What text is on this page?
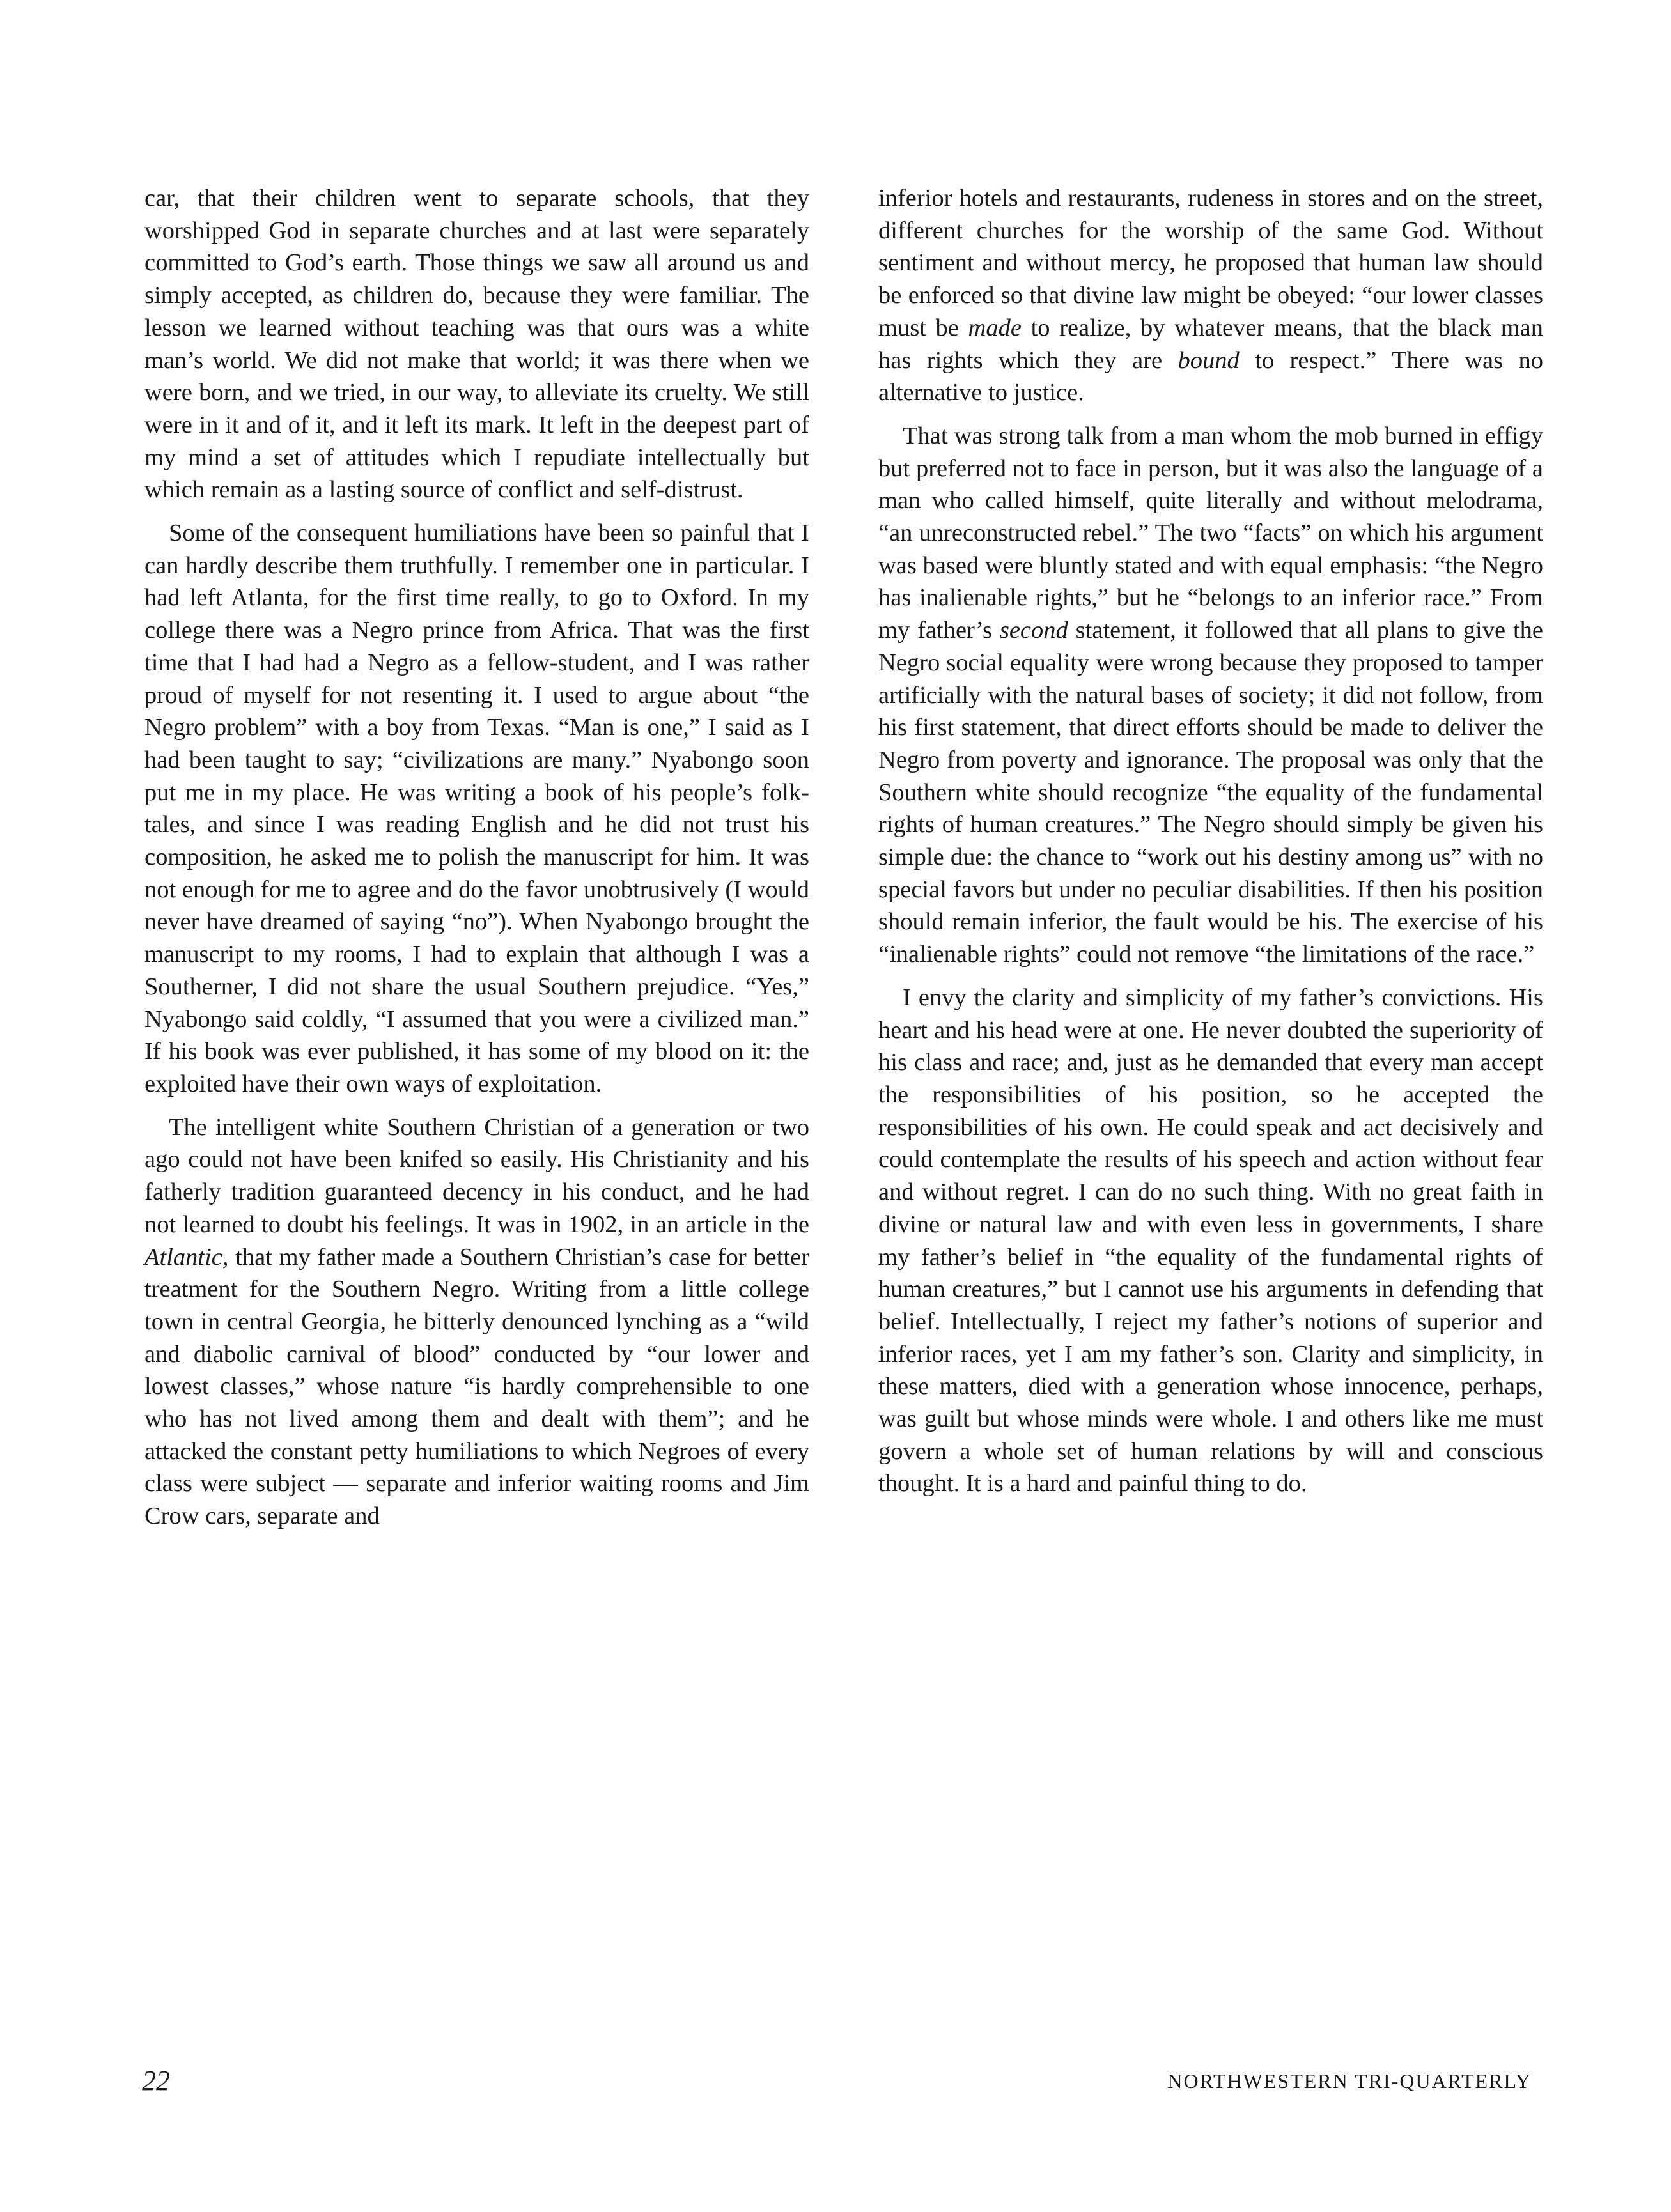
car, that their children went to separate schools, that they worshipped God in separate churches and at last were separately committed to God’s earth. Those things we saw all around us and simply accepted, as children do, because they were familiar. The lesson we learned without teaching was that ours was a white man’s world. We did not make that world; it was there when we were born, and we tried, in our way, to alleviate its cruelty. We still were in it and of it, and it left its mark. It left in the deepest part of my mind a set of attitudes which I repudiate intellectually but which remain as a lasting source of conflict and self-distrust.

Some of the consequent humiliations have been so painful that I can hardly describe them truthfully. I remember one in particular. I had left Atlanta, for the first time really, to go to Oxford. In my college there was a Negro prince from Africa. That was the first time that I had had a Negro as a fellow-student, and I was rather proud of myself for not resenting it. I used to argue about “the Negro problem” with a boy from Texas. “Man is one,” I said as I had been taught to say; “civilizations are many.” Nyabongo soon put me in my place. He was writing a book of his people’s folk-tales, and since I was reading English and he did not trust his composition, he asked me to polish the manuscript for him. It was not enough for me to agree and do the favor unobtrusively (I would never have dreamed of saying “no”). When Nyabongo brought the manuscript to my rooms, I had to explain that although I was a Southerner, I did not share the usual Southern prejudice. “Yes,” Nyabongo said coldly, “I assumed that you were a civilized man.” If his book was ever published, it has some of my blood on it: the exploited have their own ways of exploitation.

The intelligent white Southern Christian of a generation or two ago could not have been knifed so easily. His Christianity and his fatherly tradition guaranteed decency in his conduct, and he had not learned to doubt his feelings. It was in 1902, in an article in the Atlantic, that my father made a Southern Christian’s case for better treatment for the Southern Negro. Writing from a little college town in central Georgia, he bitterly denounced lynching as a “wild and diabolic carnival of blood” conducted by “our lower and lowest classes,” whose nature “is hardly comprehensible to one who has not lived among them and dealt with them”; and he attacked the constant petty humiliations to which Negroes of every class were subject — separate and inferior waiting rooms and Jim Crow cars, separate and

inferior hotels and restaurants, rudeness in stores and on the street, different churches for the worship of the same God. Without sentiment and without mercy, he proposed that human law should be enforced so that divine law might be obeyed: “our lower classes must be made to realize, by whatever means, that the black man has rights which they are bound to respect.” There was no alternative to justice.

That was strong talk from a man whom the mob burned in effigy but preferred not to face in person, but it was also the language of a man who called himself, quite literally and without melodrama, “an unreconstructed rebel.” The two “facts” on which his argument was based were bluntly stated and with equal emphasis: “the Negro has inalienable rights,” but he “belongs to an inferior race.” From my father’s second statement, it followed that all plans to give the Negro social equality were wrong because they proposed to tamper artificially with the natural bases of society; it did not follow, from his first statement, that direct efforts should be made to deliver the Negro from poverty and ignorance. The proposal was only that the Southern white should recognize “the equality of the fundamental rights of human creatures.” The Negro should simply be given his simple due: the chance to “work out his destiny among us” with no special favors but under no peculiar disabilities. If then his position should remain inferior, the fault would be his. The exercise of his “inalienable rights” could not remove “the limitations of the race.”

I envy the clarity and simplicity of my father’s convictions. His heart and his head were at one. He never doubted the superiority of his class and race; and, just as he demanded that every man accept the responsibilities of his position, so he accepted the responsibilities of his own. He could speak and act decisively and could contemplate the results of his speech and action without fear and without regret. I can do no such thing. With no great faith in divine or natural law and with even less in governments, I share my father’s belief in “the equality of the fundamental rights of human creatures,” but I cannot use his arguments in defending that belief. Intellectually, I reject my father’s notions of superior and inferior races, yet I am my father’s son. Clarity and simplicity, in these matters, died with a generation whose innocence, perhaps, was guilt but whose minds were whole. I and others like me must govern a whole set of human relations by will and conscious thought. It is a hard and painful thing to do.

22	NORTHWESTERN TRI-QUARTERLY
